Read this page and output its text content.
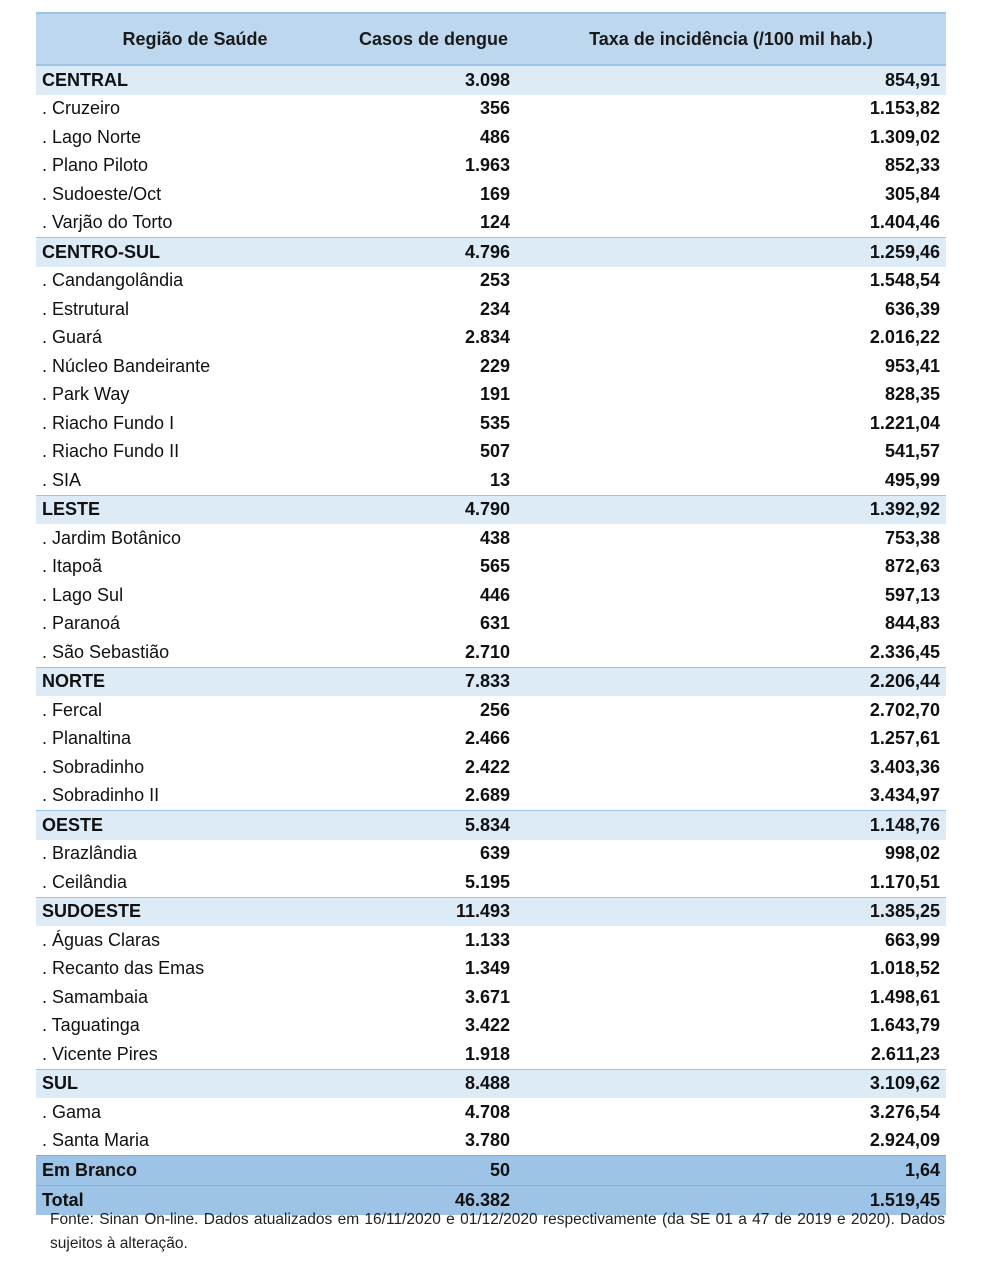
Região de Saúde	Casos de dengue	Taxa de incidência (/100 mil hab.)
CENTRAL	3.098	854,91
. Cruzeiro	356	1.153,82
. Lago Norte	486	1.309,02
. Plano Piloto	1.963	852,33
. Sudoeste/Oct	169	305,84
. Varjão do Torto	124	1.404,46
CENTRO-SUL	4.796	1.259,46
. Candangolândia	253	1.548,54
. Estrutural	234	636,39
. Guará	2.834	2.016,22
. Núcleo Bandeirante	229	953,41
. Park Way	191	828,35
. Riacho Fundo I	535	1.221,04
. Riacho Fundo II	507	541,57
. SIA	13	495,99
LESTE	4.790	1.392,92
. Jardim Botânico	438	753,38
. Itapoã	565	872,63
. Lago Sul	446	597,13
. Paranoá	631	844,83
. São Sebastião	2.710	2.336,45
NORTE	7.833	2.206,44
. Fercal	256	2.702,70
. Planaltina	2.466	1.257,61
. Sobradinho	2.422	3.403,36
. Sobradinho II	2.689	3.434,97
OESTE	5.834	1.148,76
. Brazlândia	639	998,02
. Ceilândia	5.195	1.170,51
SUDOESTE	11.493	1.385,25
. Águas Claras	1.133	663,99
. Recanto das Emas	1.349	1.018,52
. Samambaia	3.671	1.498,61
. Taguatinga	3.422	1.643,79
. Vicente Pires	1.918	2.611,23
SUL	8.488	3.109,62
. Gama	4.708	3.276,54
. Santa Maria	3.780	2.924,09
Em Branco	50	1,64
Total	46.382	1.519,45
Fonte: Sinan On-line. Dados atualizados em 16/11/2020 e 01/12/2020 respectivamente (da SE 01 a 47 de 2019 e 2020). Dados sujeitos à alteração.
